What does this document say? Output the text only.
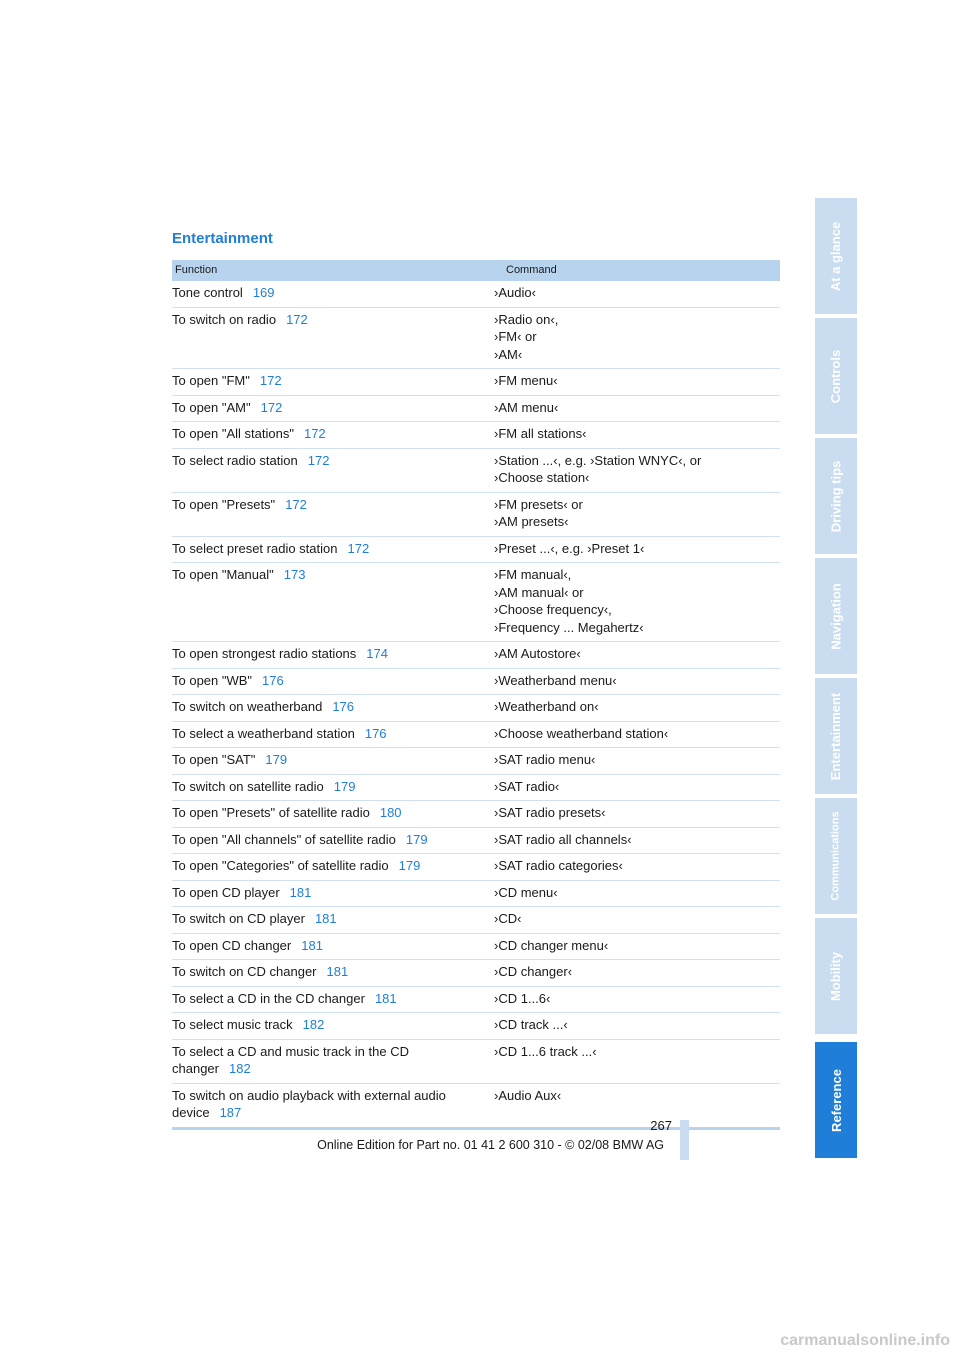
Entertainment
Function	Command
Tone control 169	›Audio‹

To switch on radio 172	›Radio on‹,
›FM‹ or
›AM‹

To open "FM" 172	›FM menu‹

To open "AM" 172	›AM menu‹

To open "All stations" 172	›FM all stations‹

To select radio station 172	›Station ...‹, e.g. ›Station WNYC‹, or
›Choose station‹

To open "Presets" 172	›FM presets‹ or
›AM presets‹

To select preset radio station 172	›Preset ...‹, e.g. ›Preset 1‹

To open "Manual" 173	›FM manual‹,
›AM manual‹ or
›Choose frequency‹,
›Frequency ... Megahertz‹

To open strongest radio stations 174	›AM Autostore‹

To open "WB" 176	›Weatherband menu‹

To switch on weatherband 176	›Weatherband on‹

To select a weatherband station 176	›Choose weatherband station‹

To open "SAT" 179	›SAT radio menu‹

To switch on satellite radio 179	›SAT radio‹

To open "Presets" of satellite radio 180	›SAT radio presets‹

To open "All channels" of satellite radio 179	›SAT radio all channels‹

To open "Categories" of satellite radio 179	›SAT radio categories‹

To open CD player 181	›CD menu‹

To switch on CD player 181	›CD‹

To open CD changer 181	›CD changer menu‹

To switch on CD changer 181	›CD changer‹

To select a CD in the CD changer 181	›CD 1...6‹

To select music track 182	›CD track ...‹

To select a CD and music track in the CD changer 182	›CD 1...6 track ...‹

To switch on audio playback with external audio device 187	›Audio Aux‹
At a glance
Controls
Driving tips
Navigation
Entertainment
Communications
Mobility
Reference
267
Online Edition for Part no. 01 41 2 600 310 - © 02/08 BMW AG
carmanualsonline.info
